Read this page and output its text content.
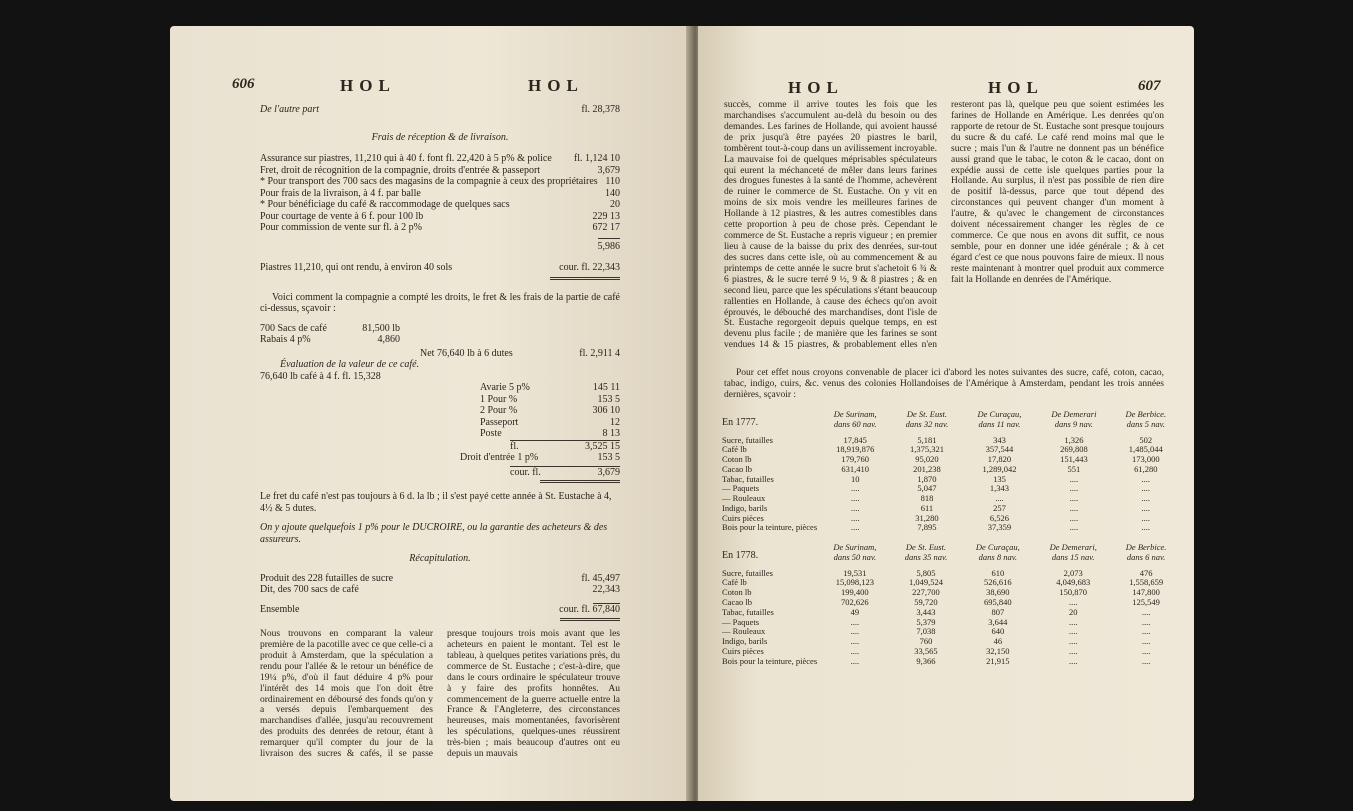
606	HOL	HOL
De l'autre part	fl. 28,378
Frais de réception & de livraison.
Assurance sur piastres, 11,210 qui à 40 f. font fl. 22,420 à 5 p% & police fl. 1,124 10
Fret, droit de récognition de la compagnie, droits d'entrée & passeport	3,679
* Pour transport des 700 sacs des magasins de la compagnie à ceux des propriétaires 110
Pour frais de la livraison, à 4 f. par balle	140
* Pour bénéficiage du café & raccommodage de quelques sacs	20
Pour courtage de vente à 6 f. pour 100 lb	229 13
Pour commission de vente sur fl. à 2 p%	672 17
5,986
Piastres 11,210, qui ont rendu, à environ 40 sols	cour. fl. 22,343

Voici comment la compagnie a compté les droits, le fret & les frais de la partie de café ci-dessus, sçavoir :

700 Sacs de café	81,500 lb
Rabais 4 p%	4,860
Net 76,640 lb à 6 dutes	fl. 2,911 4
Évaluation de la valeur de ce café.
76,640 lb café à 4 f. fl. 15,328
Avarie 5 p%	145 11
1 Pour %	153 5
2 Pour %	306 10
Passeport	12
Poste	8 13
fl.	3,525 15
Droit d'entrée 1 p%	153 5
cour. fl.	3,679

Le fret du café n'est pas toujours à 6 d. la lb ; il s'est payé cette année à St. Eustache à 4, 4½ & 5 dutes.

On y ajoute quelquefois 1 p% pour le DUCROIRE, ou la garantie des acheteurs & des assureurs.

Récapitulation.
Produit des 228 futailles de sucre	fl. 45,497
Dit, des 700 sacs de café	22,343
Ensemble	cour. fl. 67,840
Nous trouvons en comparant la valeur première de la pacotille avec ce que celle-ci a produit à Amsterdam, que la spéculation a rendu pour l'allée & le retour un bénéfice de 19¼ p%, d'où il faut déduire 4 p% pour l'intérêt des 14 mois que l'on doit être ordinairement en déboursé des fonds qu'on y a versés depuis l'embarquement des marchandises d'allée, jusqu'au recouvrement des produits des denrées de retour, étant à remarquer qu'il compter du jour de la livraison des sucres & cafés, il se passe presque toujours trois mois avant que les acheteurs en paient le montant. Tel est le tableau, à quelques petites variations près, du commerce de St. Eustache ; c'est-à-dire, que dans le cours ordinaire le spéculateur trouve à y faire des profits honnêtes. Au commencement de la guerre actuelle entre la France & l'Angleterre, des circonstances heureuses, mais momentanées, favorisèrent les spéculations, quelques-unes réussirent très-bien ; mais beaucoup d'autres ont eu depuis un mauvais
HOL	HOL	607
succès, comme il arrive toutes les fois que les marchandises s'accumulent au-delà du besoin ou des demandes. Les farines de Hollande, qui avoient haussé de prix jusqu'à être payées 20 piastres le baril, tombèrent tout-à-coup dans un avilissement incroyable. La mauvaise foi de quelques méprisables spéculateurs qui eurent la méchanceté de mêler dans leurs farines des drogues funestes à la santé de l'homme, achevèrent de ruiner le commerce de St. Eustache. On y vit en moins de six mois vendre les meilleures farines de Hollande à 12 piastres, & les autres comestibles dans cette proportion à peu de chose près. Cependant le commerce de St. Eustache a repris vigueur ; en premier lieu à cause de la baisse du prix des denrées, sur-tout des sucres dans cette isle, où au commencement & au printemps de cette année le sucre brut s'achetoit 6 ¾ & 6 piastres, & le sucre terré 9 ½, 9 & 8 piastres ; & en second lieu, parce que les spéculations s'étant beaucoup rallenties en Hollande, à cause des échecs qu'on avoit éprouvés, le débouché des marchandises, dont l'isle de St. Eustache regorgeoit depuis quelque temps, en est devenu plus facile ; de manière que les farines se sont vendues 14 & 15 piastres, & probablement elles n'en resteront pas là, quelque peu que soient estimées les farines de Hollande en Amérique. Les denrées qu'on rapporte de retour de St. Eustache sont presque toujours du sucre & du café. Le café rend moins mal que le sucre ; mais l'un & l'autre ne donnent pas un bénéfice aussi grand que le tabac, le coton & le cacao, dont on expédie aussi de cette isle quelques parties pour la Hollande. Au surplus, il n'est pas possible de rien dire de positif là-dessus, parce que tout dépend des circonstances qui peuvent changer d'un moment à l'autre, & qu'avec le changement de circonstances doivent nécessairement changer les règles de ce commerce. Ce que nous en avons dit suffit, ce nous semble, pour en donner une idée générale ; & à cet égard c'est ce que nous pouvons faire de mieux. Il nous reste maintenant à montrer quel produit aux commerce fait la Hollande en denrées de l'Amérique.

Pour cet effet nous croyons convenable de placer ici d'abord les notes suivantes des sucre, café, coton, cacao, tabac, indigo, cuirs, &c. venus des colonies Hollandoises de l'Amérique à Amsterdam, pendant les trois années dernières, sçavoir :

En 1777.	De Surinam,	De St. Eust.	De Curaçau,	De Demerari	De Berbice.
	dans 60 nav.	dans 32 nav.	dans 11 nav.	dans 9 nav.	dans 5 nav.
Sucre, futailles	17,845	5,181	343	1,326	502
Café lb	18,919,876	1,375,321	357,544	269,808	1,485,044
Coton lb	179,760	95,020	17,820	151,443	173,000
Cacao lb	631,410	201,238	1,289,042	551	61,280
Tabac, futailles	10	1,870	135	....	....
— Paquets	....	5,047	1,343	....	....
— Rouleaux	....	818	....	....	....
Indigo, barils	....	611	257	....	....
Cuirs pièces	....	31,280	6,526	....	....
Bois pour la teinture, pièces	....	7,895	37,359	....	....
En 1778.	De Surinam,	De St. Eust.	De Curaçau,	De Demerari,	De Berbice.
	dans 50 nav.	dans 35 nav.	dans 8 nav.	dans 15 nav.	dans 6 nav.
Sucre, futailles	19,531	5,805	610	2,073	476
Café lb	15,098,123	1,049,524	526,616	4,049,683	1,558,659
Coton lb	199,400	227,700	38,690	150,870	147,800
Cacao lb	702,626	59,720	695,840	....	125,549
Tabac, futailles	49	3,443	807	20	....
— Paquets	....	5,379	3,644	....	....
— Rouleaux	....	7,038	640	....	....
Indigo, barils	....	760	46	....	....
Cuirs pièces	....	33,565	32,150	....	....
Bois pour la teinture, pièces	....	9,366	21,915	....	....
